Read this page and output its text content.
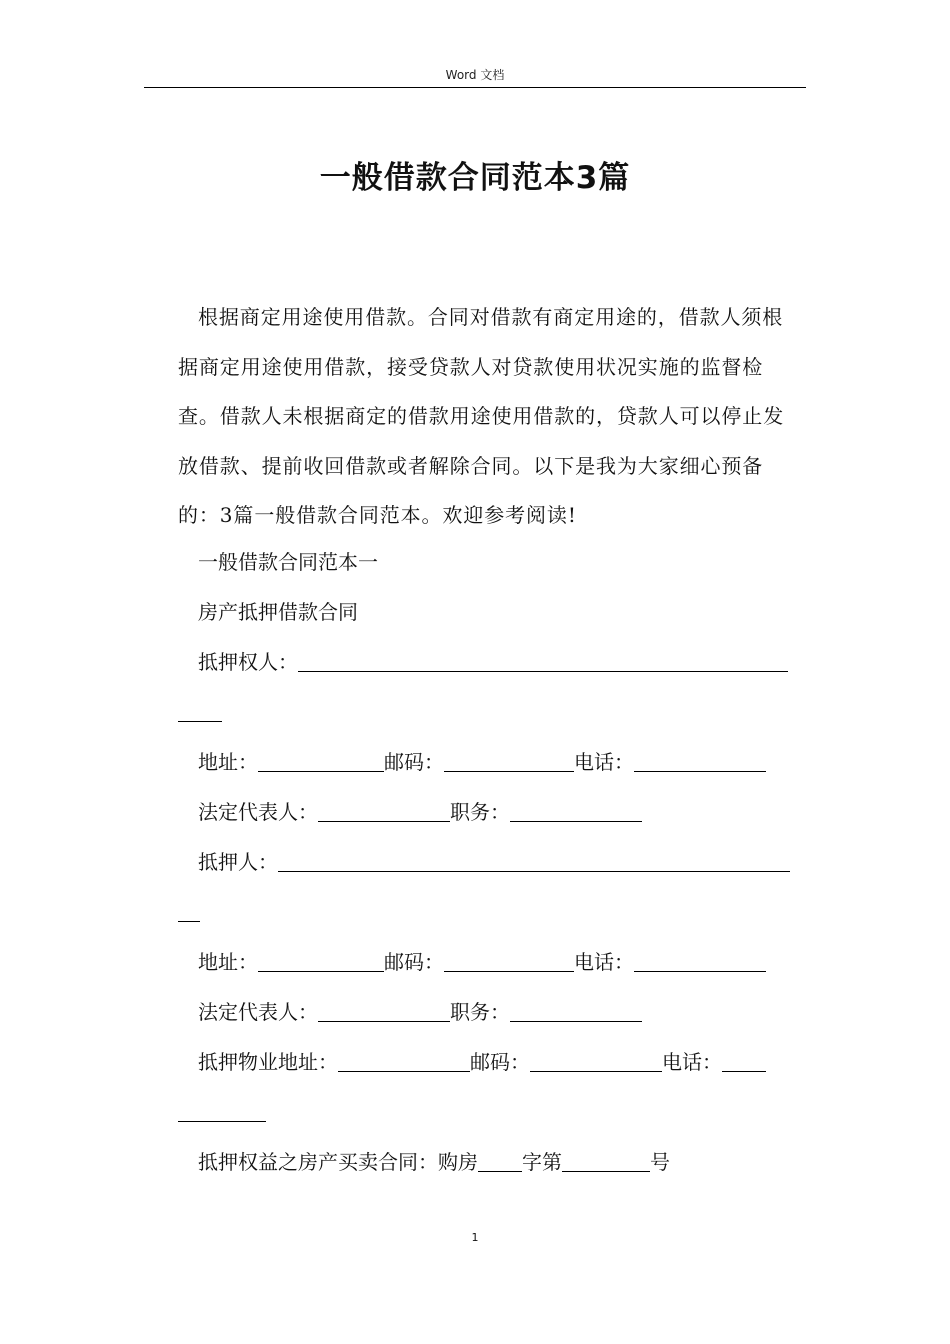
Word 文档
一般借款合同范本3篇

根据商定用途使用借款。合同对借款有商定用途的，借款人须根据商定用途使用借款，接受贷款人对贷款使用状况实施的监督检查。借款人未根据商定的借款用途使用借款的，贷款人可以停止发放借款、提前收回借款或者解除合同。以下是我为大家细心预备的：3篇一般借款合同范本。欢迎参考阅读!

一般借款合同范本一
房产抵押借款合同
抵押权人：
地址：	邮码：	电话：
法定代表人：	职务：
抵押人：
地址：	邮码：	电话：
法定代表人：	职务：
抵押物业地址：	邮码：	电话：
抵押权益之房产买卖合同：购房 字第	号
1
